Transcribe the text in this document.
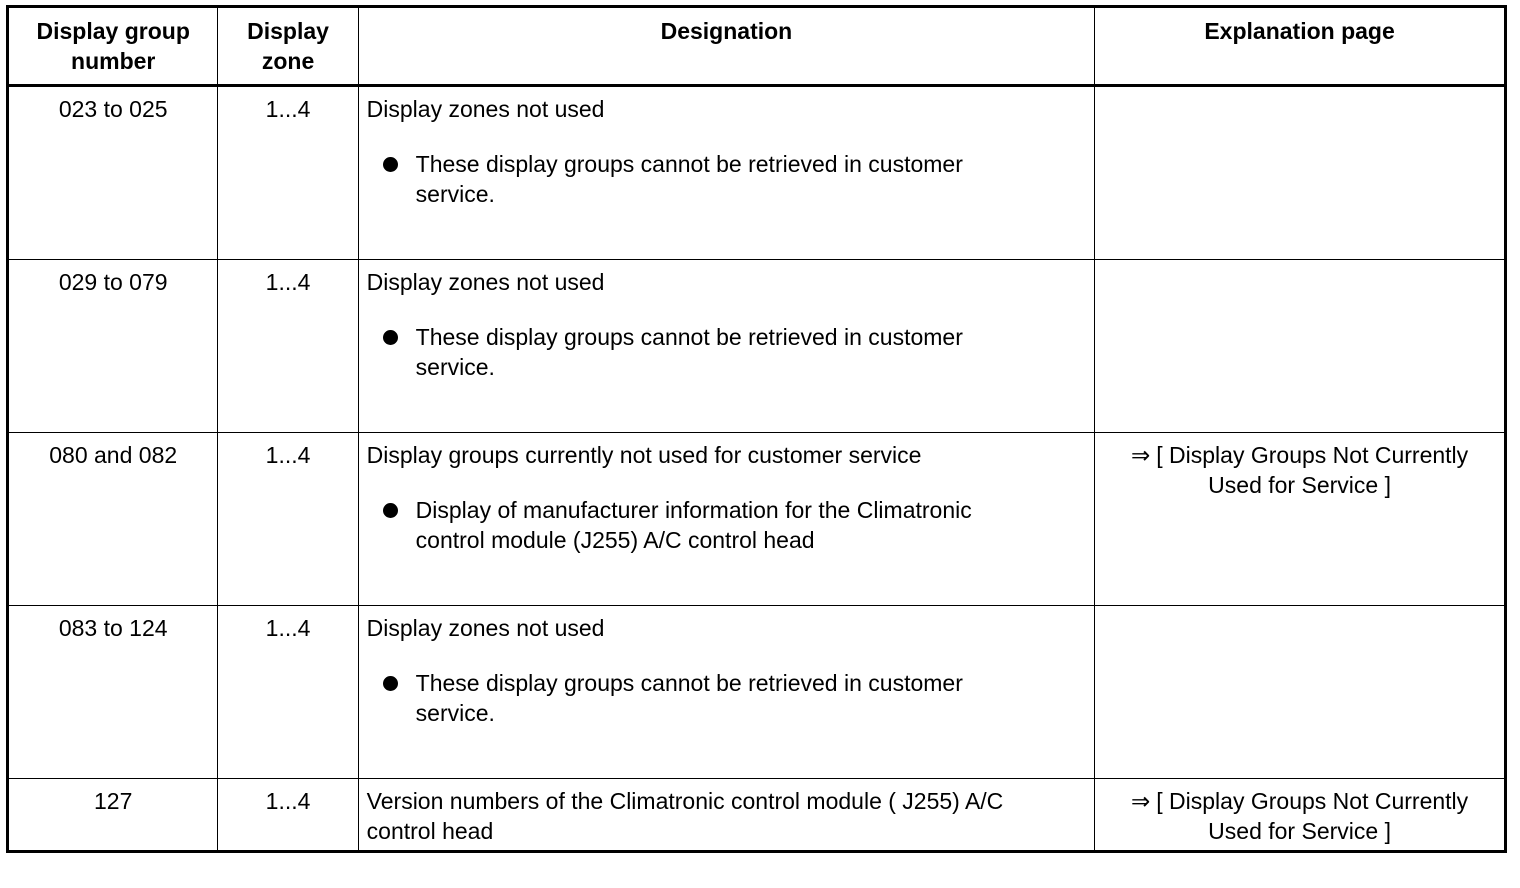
Display group number	Display zone	Designation	Explanation page
023 to 025	1...4	Display zones not used
These display groups cannot be retrieved in customer service.	

029 to 079	1...4	Display zones not used
These display groups cannot be retrieved in customer service.	

080 and 082	1...4	Display groups currently not used for customer service
Display of manufacturer information for the Climatronic control module (J255) A/C control head	⇒ [ Display Groups Not Currently Used for Service ]
083 to 124	1...4	Display zones not used
These display groups cannot be retrieved in customer service.	

127	1...4	Version numbers of the Climatronic control module ( J255) A/C control head	⇒ [ Display Groups Not Currently Used for Service ]
